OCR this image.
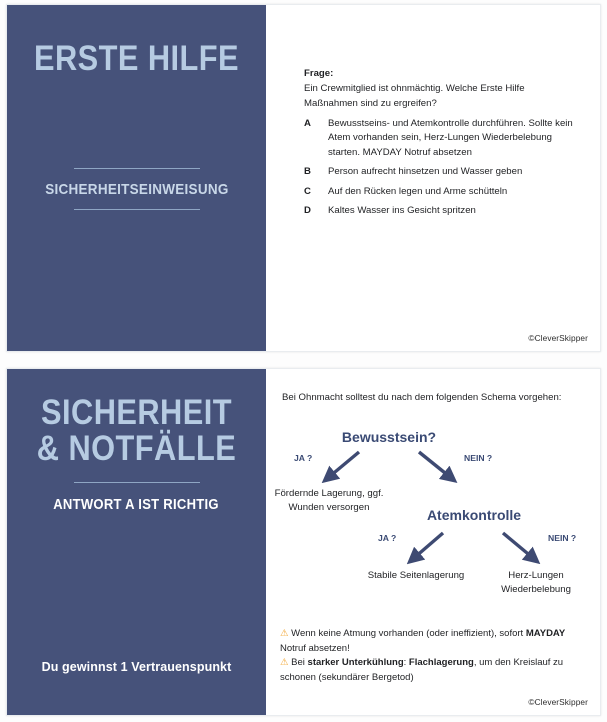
ERSTE HILFE
SICHERHEITSEINWEISUNG
Frage:
Ein Crewmitglied ist ohnmächtig. Welche Erste Hilfe Maßnahmen sind zu ergreifen?
A	Bewusstseins- und Atemkontrolle durchführen. Sollte kein Atem vorhanden sein, Herz-Lungen Wiederbelebung starten. MAYDAY Notruf absetzen
B	Person aufrecht hinsetzen und Wasser geben
C	Auf den Rücken legen und Arme schütteln
D	Kaltes Wasser ins Gesicht spritzen
©CleverSkipper
SICHERHEIT & NOTFÄLLE
ANTWORT A IST RICHTIG
Du gewinnst 1 Vertrauenspunkt
Bei Ohnmacht solltest du nach dem folgenden Schema vorgehen:
Bewusstsein?
JA ?	NEIN ?
Fördernde Lagerung, ggf. Wunden versorgen	Atemkontrolle
JA ?	NEIN ?
Stabile Seitenlagerung	Herz-Lungen Wiederbelebung
⚠ Wenn keine Atmung vorhanden (oder ineffizient), sofort MAYDAY Notruf absetzen!
⚠ Bei starker Unterkühlung: Flachlagerung, um den Kreislauf zu schonen (sekundärer Bergetod)
©CleverSkipper
